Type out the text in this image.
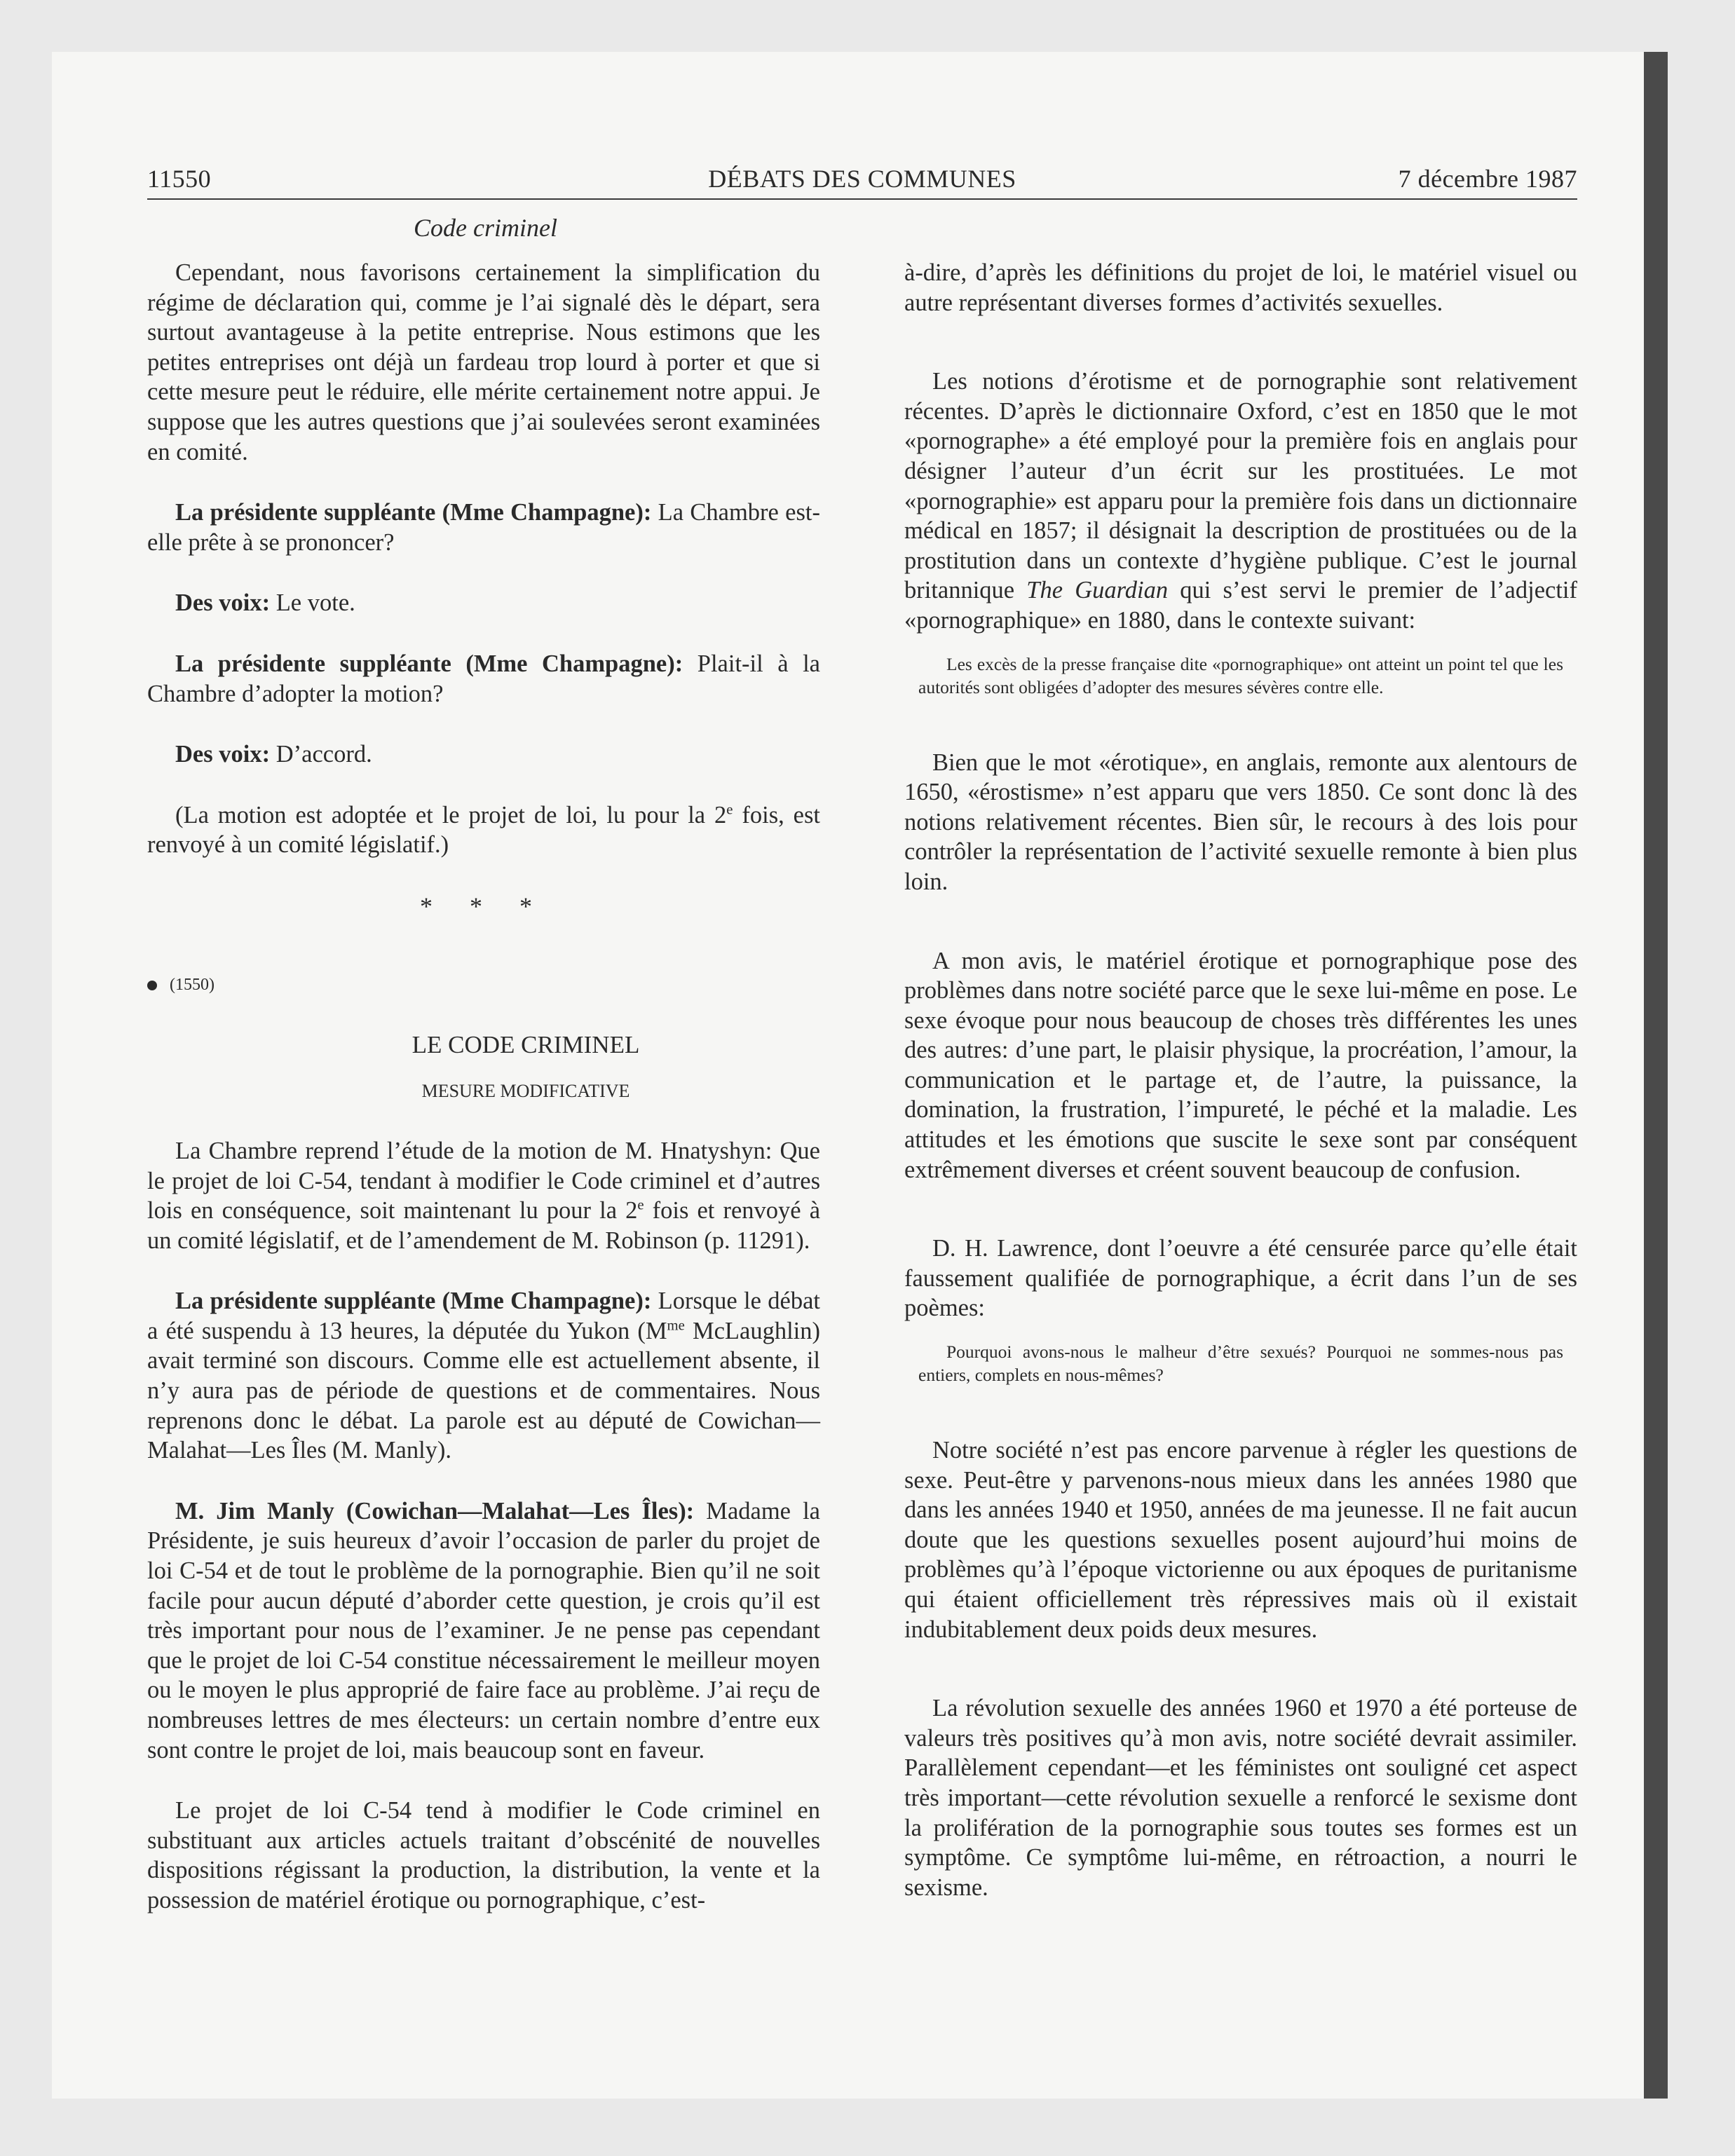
11550	DÉBATS DES COMMUNES	7 décembre 1987
Code criminel

Cependant, nous favorisons certainement la simplification du régime de déclaration qui, comme je l’ai signalé dès le départ, sera surtout avantageuse à la petite entreprise. Nous estimons que les petites entreprises ont déjà un fardeau trop lourd à porter et que si cette mesure peut le réduire, elle mérite certainement notre appui. Je suppose que les autres questions que j’ai soulevées seront examinées en comité.

La présidente suppléante (Mme Champagne): La Chambre est-elle prête à se prononcer?

Des voix: Le vote.

La présidente suppléante (Mme Champagne): Plait-il à la Chambre d’adopter la motion?

Des voix: D’accord.

(La motion est adoptée et le projet de loi, lu pour la 2e fois, est renvoyé à un comité législatif.)

* * *
(1550)
LE CODE CRIMINEL
MESURE MODIFICATIVE

La Chambre reprend l’étude de la motion de M. Hnatyshyn: Que le projet de loi C-54, tendant à modifier le Code criminel et d’autres lois en conséquence, soit maintenant lu pour la 2e fois et renvoyé à un comité législatif, et de l’amendement de M. Robinson (p. 11291).

La présidente suppléante (Mme Champagne): Lorsque le débat a été suspendu à 13 heures, la députée du Yukon ($M^{me}$ McLaughlin) avait terminé son discours. Comme elle est actuellement absente, il n’y aura pas de période de questions et de commentaires. Nous reprenons donc le débat. La parole est au député de Cowichan—Malahat—Les Îles (M. Manly).

M. Jim Manly (Cowichan—Malahat—Les Îles): Madame la Présidente, je suis heureux d’avoir l’occasion de parler du projet de loi C-54 et de tout le problème de la pornographie. Bien qu’il ne soit facile pour aucun député d’aborder cette question, je crois qu’il est très important pour nous de l’examiner. Je ne pense pas cependant que le projet de loi C-54 constitue nécessairement le meilleur moyen ou le moyen le plus approprié de faire face au problème. J’ai reçu de nombreuses lettres de mes électeurs: un certain nombre d’entre eux sont contre le projet de loi, mais beaucoup sont en faveur.

Le projet de loi C-54 tend à modifier le Code criminel en substituant aux articles actuels traitant d’obscénité de nouvelles dispositions régissant la production, la distribution, la vente et la possession de matériel érotique ou pornographique, c’est-

à-dire, d’après les définitions du projet de loi, le matériel visuel ou autre représentant diverses formes d’activités sexuelles.

Les notions d’érotisme et de pornographie sont relativement récentes. D’après le dictionnaire Oxford, c’est en 1850 que le mot «pornographe» a été employé pour la première fois en anglais pour désigner l’auteur d’un écrit sur les prostituées. Le mot «pornographie» est apparu pour la première fois dans un dictionnaire médical en 1857; il désignait la description de prostituées ou de la prostitution dans un contexte d’hygiène publique. C’est le journal britannique The Guardian qui s’est servi le premier de l’adjectif «pornographique» en 1880, dans le contexte suivant:

Les excès de la presse française dite «pornographique» ont atteint un point tel que les autorités sont obligées d’adopter des mesures sévères contre elle.

Bien que le mot «érotique», en anglais, remonte aux alentours de 1650, «érostisme» n’est apparu que vers 1850. Ce sont donc là des notions relativement récentes. Bien sûr, le recours à des lois pour contrôler la représentation de l’activité sexuelle remonte à bien plus loin.

A mon avis, le matériel érotique et pornographique pose des problèmes dans notre société parce que le sexe lui-même en pose. Le sexe évoque pour nous beaucoup de choses très différentes les unes des autres: d’une part, le plaisir physique, la procréation, l’amour, la communication et le partage et, de l’autre, la puissance, la domination, la frustration, l’impureté, le péché et la maladie. Les attitudes et les émotions que suscite le sexe sont par conséquent extrêmement diverses et créent souvent beaucoup de confusion.

D. H. Lawrence, dont l’oeuvre a été censurée parce qu’elle était faussement qualifiée de pornographique, a écrit dans l’un de ses poèmes:

Pourquoi avons-nous le malheur d’être sexués? Pourquoi ne sommes-nous pas entiers, complets en nous-mêmes?

Notre société n’est pas encore parvenue à régler les questions de sexe. Peut-être y parvenons-nous mieux dans les années 1980 que dans les années 1940 et 1950, années de ma jeunesse. Il ne fait aucun doute que les questions sexuelles posent aujourd’hui moins de problèmes qu’à l’époque victorienne ou aux époques de puritanisme qui étaient officiellement très répressives mais où il existait indubitablement deux poids deux mesures.

La révolution sexuelle des années 1960 et 1970 a été porteuse de valeurs très positives qu’à mon avis, notre société devrait assimiler. Parallèlement cependant—et les féministes ont souligné cet aspect très important—cette révolution sexuelle a renforcé le sexisme dont la prolifération de la pornographie sous toutes ses formes est un symptôme. Ce symptôme lui-même, en rétroaction, a nourri le sexisme.
